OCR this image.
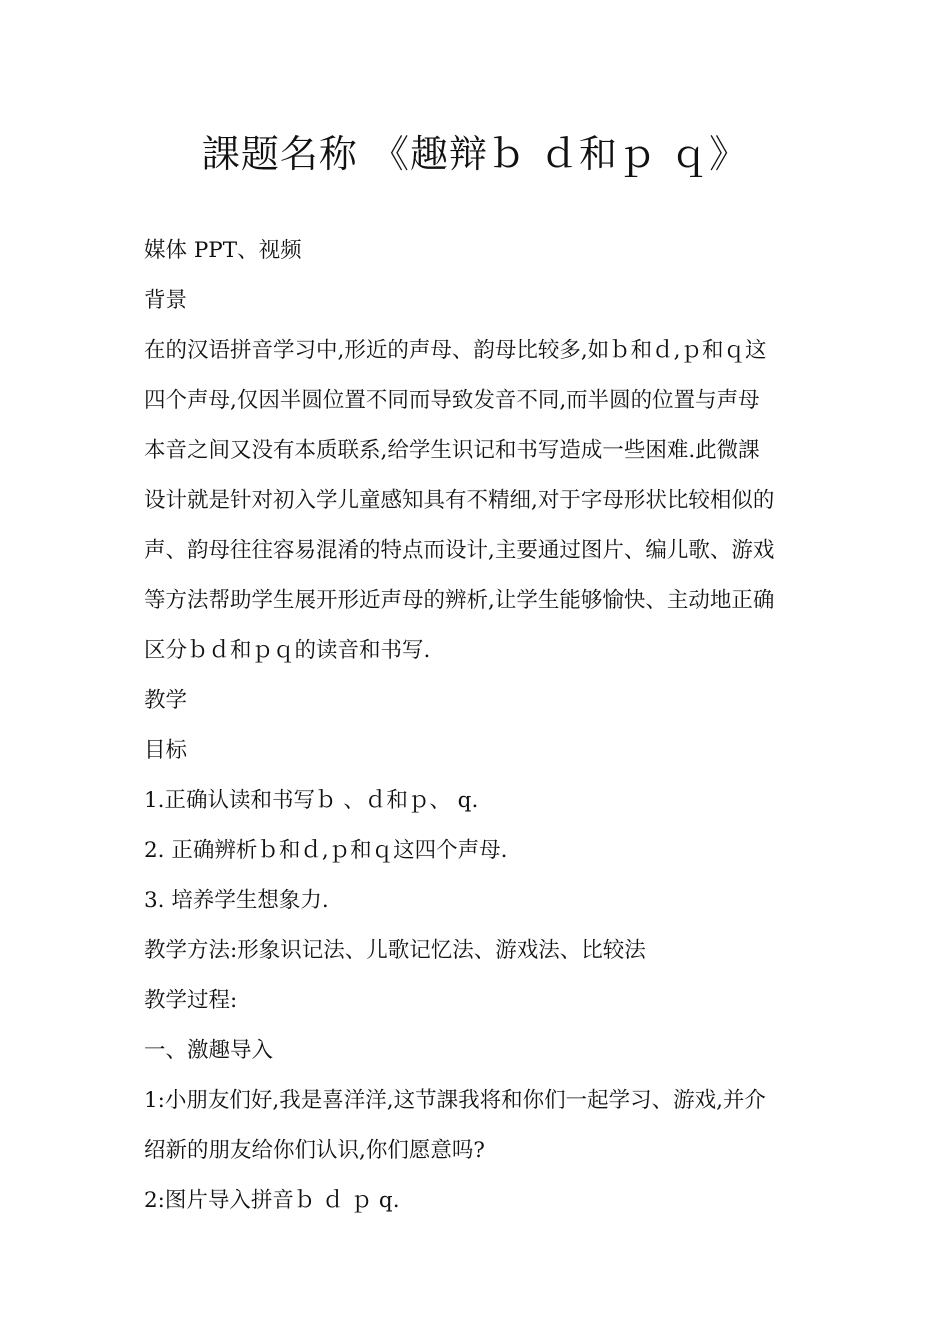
課题名称 《趣辩ｂ ｄ和ｐ ｑ》
媒体 PPT、视频
背景
在的汉语拼音学习中,形近的声母、韵母比较多,如ｂ和ｄ,ｐ和ｑ这
四个声母,仅因半圆位置不同而导致发音不同,而半圆的位置与声母
本音之间又没有本质联系,给学生识记和书写造成一些困难.此微課
设计就是针对初入学儿童感知具有不精细,对于字母形状比较相似的
声、韵母往往容易混淆的特点而设计,主要通过图片、编儿歌、游戏
等方法帮助学生展开形近声母的辨析,让学生能够愉快、主动地正确
区分ｂｄ和ｐｑ的读音和书写.
教学
目标
1.正确认读和书写ｂ 、ｄ和ｐ、 q.
2. 正确辨析ｂ和ｄ,ｐ和ｑ这四个声母.
3. 培养学生想象力.
教学方法:形象识记法、儿歌记忆法、游戏法、比较法
教学过程:
一、激趣导入
1:小朋友们好,我是喜洋洋,这节課我将和你们一起学习、游戏,并介
绍新的朋友给你们认识,你们愿意吗?
2:图片导入拼音ｂ ｄ ｐ q.
